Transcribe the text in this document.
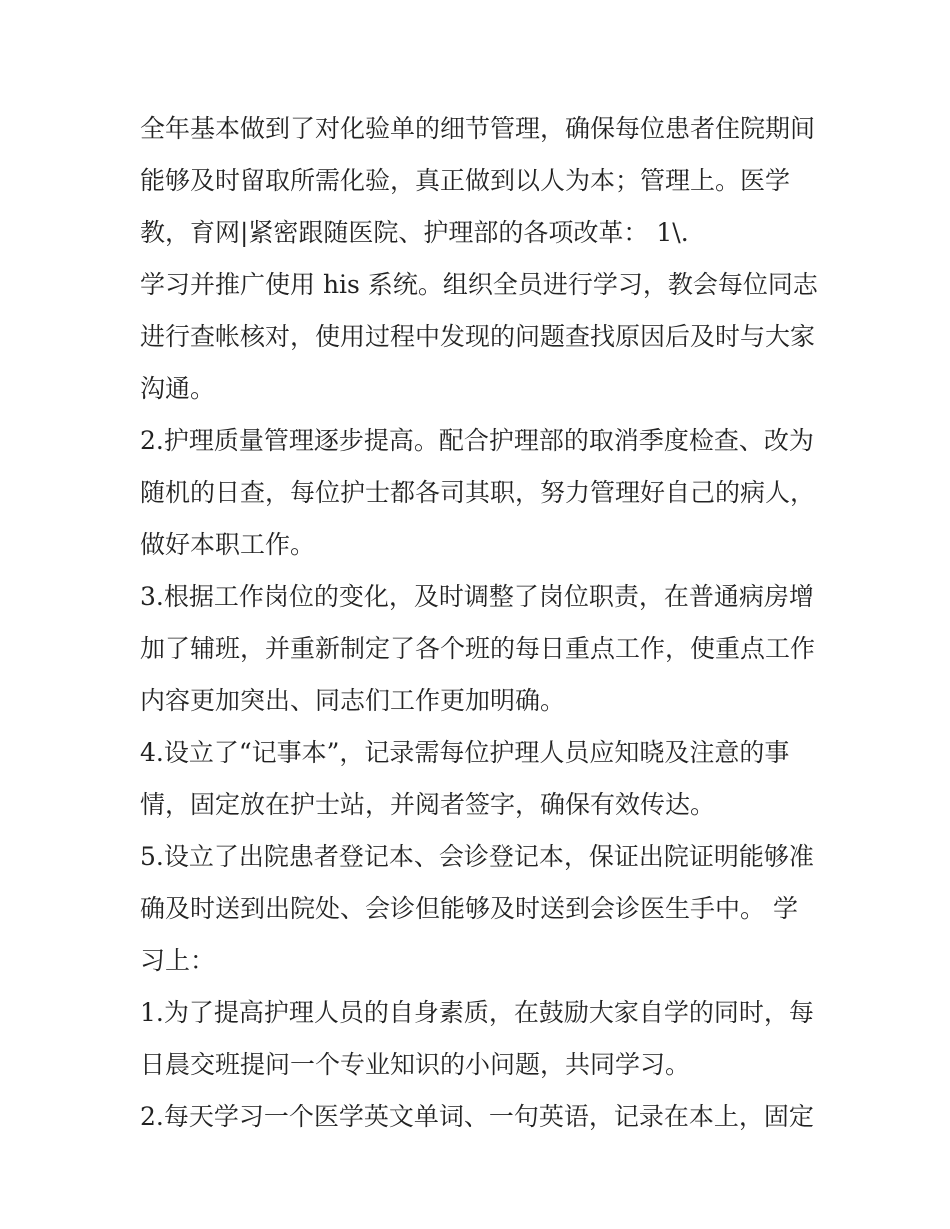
全年基本做到了对化验单的细节管理，确保每位患者住院期间
能够及时留取所需化验，真正做到以人为本；管理上。医学
教，育网|紧密跟随医院、护理部的各项改革： 1\.
学习并推广使用 his 系统。组织全员进行学习，教会每位同志
进行查帐核对，使用过程中发现的问题查找原因后及时与大家
沟通。
2.护理质量管理逐步提高。配合护理部的取消季度检查、改为
随机的日查，每位护士都各司其职，努力管理好自己的病人，
做好本职工作。
3.根据工作岗位的变化，及时调整了岗位职责，在普通病房增
加了辅班，并重新制定了各个班的每日重点工作，使重点工作
内容更加突出、同志们工作更加明确。
4.设立了“记事本”，记录需每位护理人员应知晓及注意的事
情，固定放在护士站，并阅者签字，确保有效传达。
5.设立了出院患者登记本、会诊登记本，保证出院证明能够准
确及时送到出院处、会诊但能够及时送到会诊医生手中。 学
习上：
1.为了提高护理人员的自身素质，在鼓励大家自学的同时，每
日晨交班提问一个专业知识的小问题，共同学习。
2.每天学习一个医学英文单词、一句英语，记录在本上，固定
